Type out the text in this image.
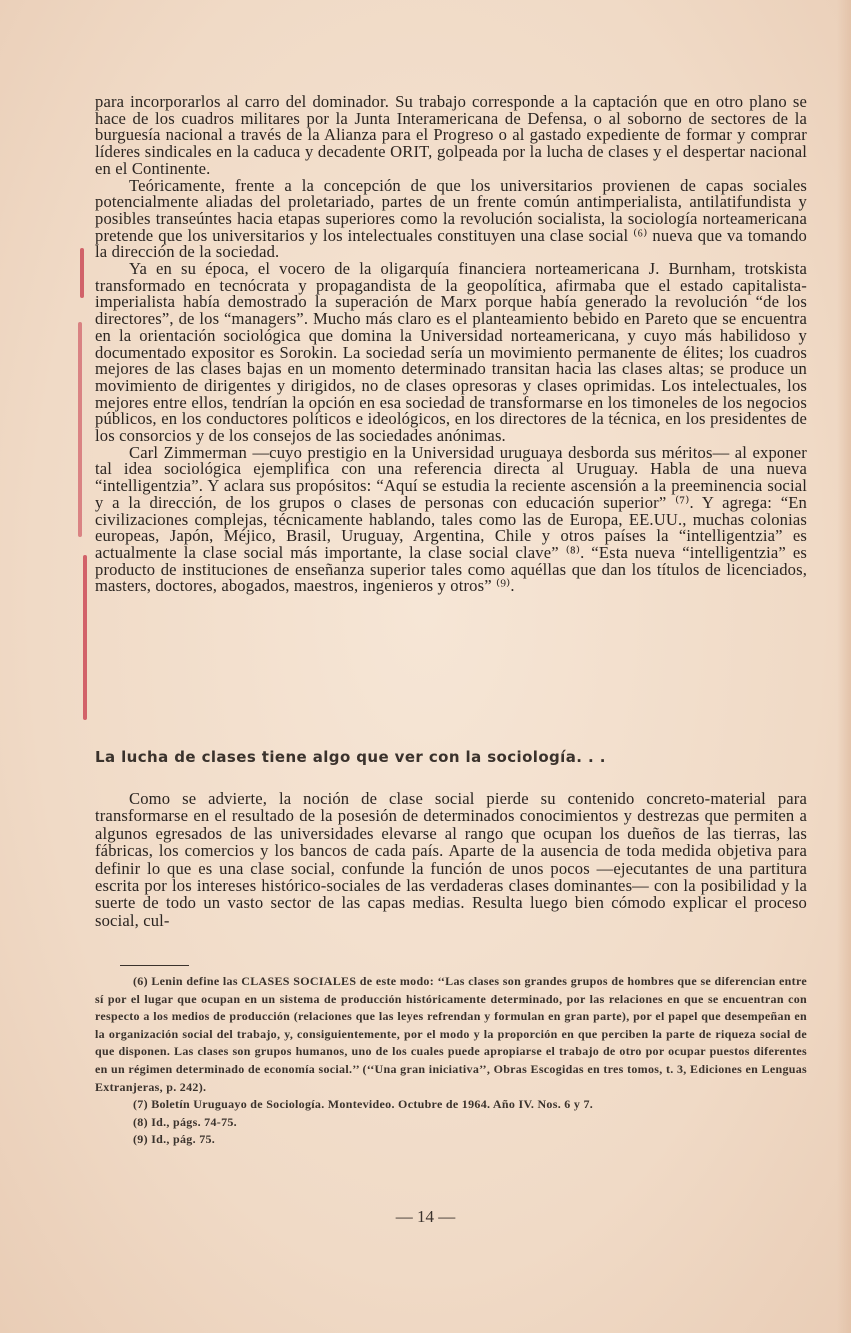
para incorporarlos al carro del dominador. Su trabajo corresponde a la captación que en otro plano se hace de los cuadros militares por la Junta Interamericana de Defensa, o al soborno de sectores de la burguesía nacional a través de la Alianza para el Progreso o al gastado expediente de formar y comprar líderes sindicales en la caduca y decadente ORIT, golpeada por la lucha de clases y el despertar nacional en el Continente.

Teóricamente, frente a la concepción de que los universitarios provienen de capas sociales potencialmente aliadas del proletariado, partes de un frente común antimperialista, antilatifundista y posibles transeúntes hacia etapas superiores como la revolución socialista, la sociología norteamericana pretende que los universitarios y los intelectuales constituyen una clase social ⁽⁶⁾ nueva que va tomando la dirección de la sociedad.

Ya en su época, el vocero de la oligarquía financiera norteamericana J. Burnham, trotskista transformado en tecnócrata y propagandista de la geopolítica, afirmaba que el estado capitalista-imperialista había demostrado la superación de Marx porque había generado la revolución “de los directores”, de los “managers”. Mucho más claro es el planteamiento bebido en Pareto que se encuentra en la orientación sociológica que domina la Universidad norteamericana, y cuyo más habilidoso y documentado expositor es Sorokin. La sociedad sería un movimiento permanente de élites; los cuadros mejores de las clases bajas en un momento determinado transitan hacia las clases altas; se produce un movimiento de dirigentes y dirigidos, no de clases opresoras y clases oprimidas. Los intelectuales, los mejores entre ellos, tendrían la opción en esa sociedad de transformarse en los timoneles de los negocios públicos, en los conductores políticos e ideológicos, en los directores de la técnica, en los presidentes de los consorcios y de los consejos de las sociedades anónimas.

Carl Zimmerman —cuyo prestigio en la Universidad uruguaya desborda sus méritos— al exponer tal idea sociológica ejemplifica con una referencia directa al Uruguay. Habla de una nueva “intelligentzia”. Y aclara sus propósitos: “Aquí se estudia la reciente ascensión a la preeminencia social y a la dirección, de los grupos o clases de personas con educación superior” ⁽⁷⁾. Y agrega: “En civilizaciones complejas, técnicamente hablando, tales como las de Europa, EE.UU., muchas colonias europeas, Japón, Méjico, Brasil, Uruguay, Argentina, Chile y otros países la “intelligentzia” es actualmente la clase social más importante, la clase social clave” ⁽⁸⁾. “Esta nueva “intelligentzia” es producto de instituciones de enseñanza superior tales como aquéllas que dan los títulos de licenciados, masters, doctores, abogados, maestros, ingenieros y otros” ⁽⁹⁾.

La lucha de clases tiene algo que ver con la sociología. . .
Como se advierte, la noción de clase social pierde su contenido concreto-material para transformarse en el resultado de la posesión de determinados conocimientos y destrezas que permiten a algunos egresados de las universidades elevarse al rango que ocupan los dueños de las tierras, las fábricas, los comercios y los bancos de cada país. Aparte de la ausencia de toda medida objetiva para definir lo que es una clase social, confunde la función de unos pocos —ejecutantes de una partitura escrita por los intereses histórico-sociales de las verdaderas clases dominantes— con la posibilidad y la suerte de todo un vasto sector de las capas medias. Resulta luego bien cómodo explicar el proceso social, cul-
(6) Lenin define las CLASES SOCIALES de este modo: ‘‘Las clases son grandes grupos de hombres que se diferencian entre sí por el lugar que ocupan en un sistema de producción históricamente determinado, por las relaciones en que se encuentran con respecto a los medios de producción (relaciones que las leyes refrendan y formulan en gran parte), por el papel que desempeñan en la organización social del trabajo, y, consiguientemente, por el modo y la proporción en que perciben la parte de riqueza social de que disponen. Las clases son grupos humanos, uno de los cuales puede apropiarse el trabajo de otro por ocupar puestos diferentes en un régimen determinado de economía social.’’ (‘‘Una gran iniciativa’’, Obras Escogidas en tres tomos, t. 3, Ediciones en Lenguas Extranjeras, p. 242).
(7) Boletín Uruguayo de Sociología. Montevideo. Octubre de 1964. Año IV. Nos. 6 y 7.
(8) Id., págs. 74-75.
(9) Id., pág. 75.
— 14 —
